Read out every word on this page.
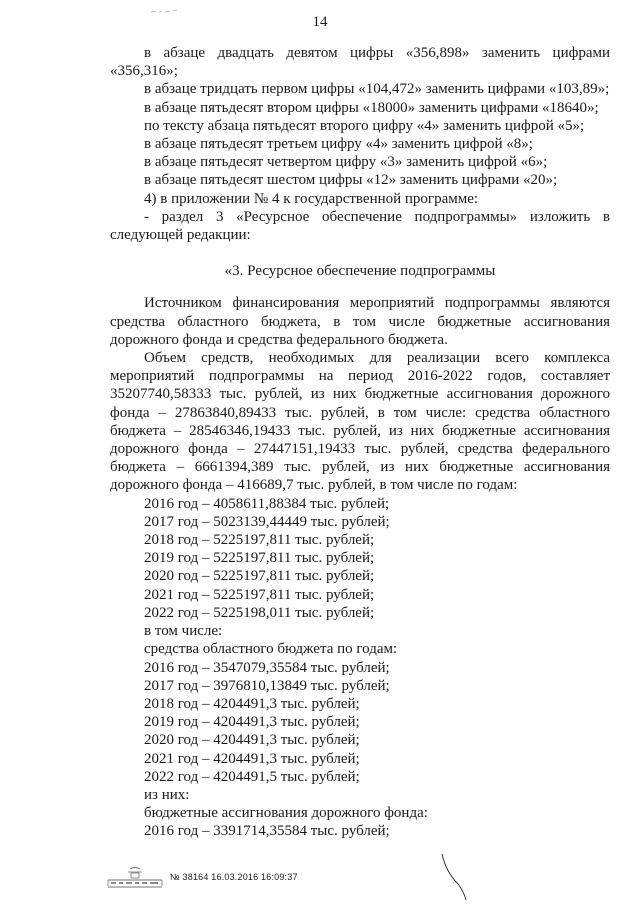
14

в абзаце двадцать девятом цифры «356,898» заменить цифрами «356,316»;

в абзаце тридцать первом цифры «104,472» заменить цифрами «103,89»;

в абзаце пятьдесят втором цифры «18000» заменить цифрами «18640»;

по тексту абзаца пятьдесят второго цифру «4» заменить цифрой «5»;

в абзаце пятьдесят третьем цифру «4» заменить цифрой «8»;

в абзаце пятьдесят четвертом цифру «3» заменить цифрой «6»;

в абзаце пятьдесят шестом цифры «12» заменить цифрами «20»;

4) в приложении № 4 к государственной программе:

- раздел 3 «Ресурсное обеспечение подпрограммы» изложить в следующей редакции:

«3. Ресурсное обеспечение подпрограммы

Источником финансирования мероприятий подпрограммы являются средства областного бюджета, в том числе бюджетные ассигнования дорожного фонда и средства федерального бюджета.

Объем средств, необходимых для реализации всего комплекса мероприятий подпрограммы на период 2016-2022 годов, составляет 35207740,58333 тыс. рублей, из них бюджетные ассигнования дорожного фонда – 27863840,89433 тыс. рублей, в том числе: средства областного бюджета – 28546346,19433 тыс. рублей, из них бюджетные ассигнования дорожного фонда – 27447151,19433 тыс. рублей, средства федерального бюджета – 6661394,389 тыс. рублей, из них бюджетные ассигнования дорожного фонда – 416689,7 тыс. рублей, в том числе по годам:

2016 год – 4058611,88384 тыс. рублей;

2017 год – 5023139,44449 тыс. рублей;

2018 год – 5225197,811 тыс. рублей;

2019 год – 5225197,811 тыс. рублей;

2020 год – 5225197,811 тыс. рублей;

2021 год – 5225197,811 тыс. рублей;

2022 год – 5225198,011 тыс. рублей;

в том числе:

средства областного бюджета по годам:

2016 год – 3547079,35584 тыс. рублей;

2017 год – 3976810,13849 тыс. рублей;

2018 год – 4204491,3 тыс. рублей;

2019 год – 4204491,3 тыс. рублей;

2020 год – 4204491,3 тыс. рублей;

2021 год – 4204491,3 тыс. рублей;

2022 год – 4204491,5 тыс. рублей;

из них:

бюджетные ассигнования дорожного фонда:

2016 год – 3391714,35584 тыс. рублей;

№ 38164 16.03.2016 16:09:37
